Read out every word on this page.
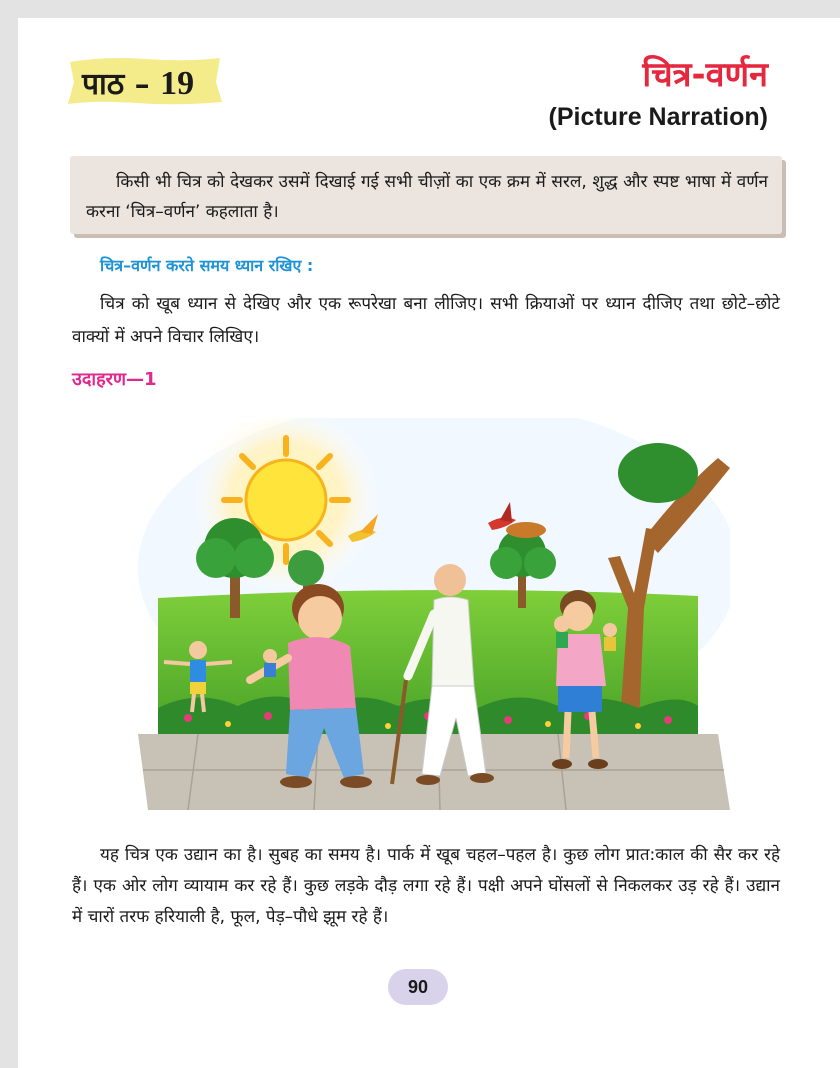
पाठ – 19	चित्र-वर्णन
(Picture Narration)

किसी भी चित्र को देखकर उसमें दिखाई गई सभी चीज़ों का एक क्रम में सरल, शुद्ध और स्पष्ट भाषा में वर्णन करना ‘चित्र–वर्णन’ कहलाता है।

चित्र–वर्णन करते समय ध्यान रखिए :

चित्र को खूब ध्यान से देखिए और एक रूपरेखा बना लीजिए। सभी क्रियाओं पर ध्यान दीजिए तथा छोटे–छोटे वाक्यों में अपने विचार लिखिए।

उदाहरण—1

यह चित्र एक उद्यान का है। सुबह का समय है। पार्क में खूब चहल–पहल है। कुछ लोग प्रात:काल की सैर कर रहे हैं। एक ओर लोग व्यायाम कर रहे हैं। कुछ लड़के दौड़ लगा रहे हैं। पक्षी अपने घोंसलों से निकलकर उड़ रहे हैं। उद्यान में चारों तरफ हरियाली है, फूल, पेड़–पौधे झूम रहे हैं।

90
